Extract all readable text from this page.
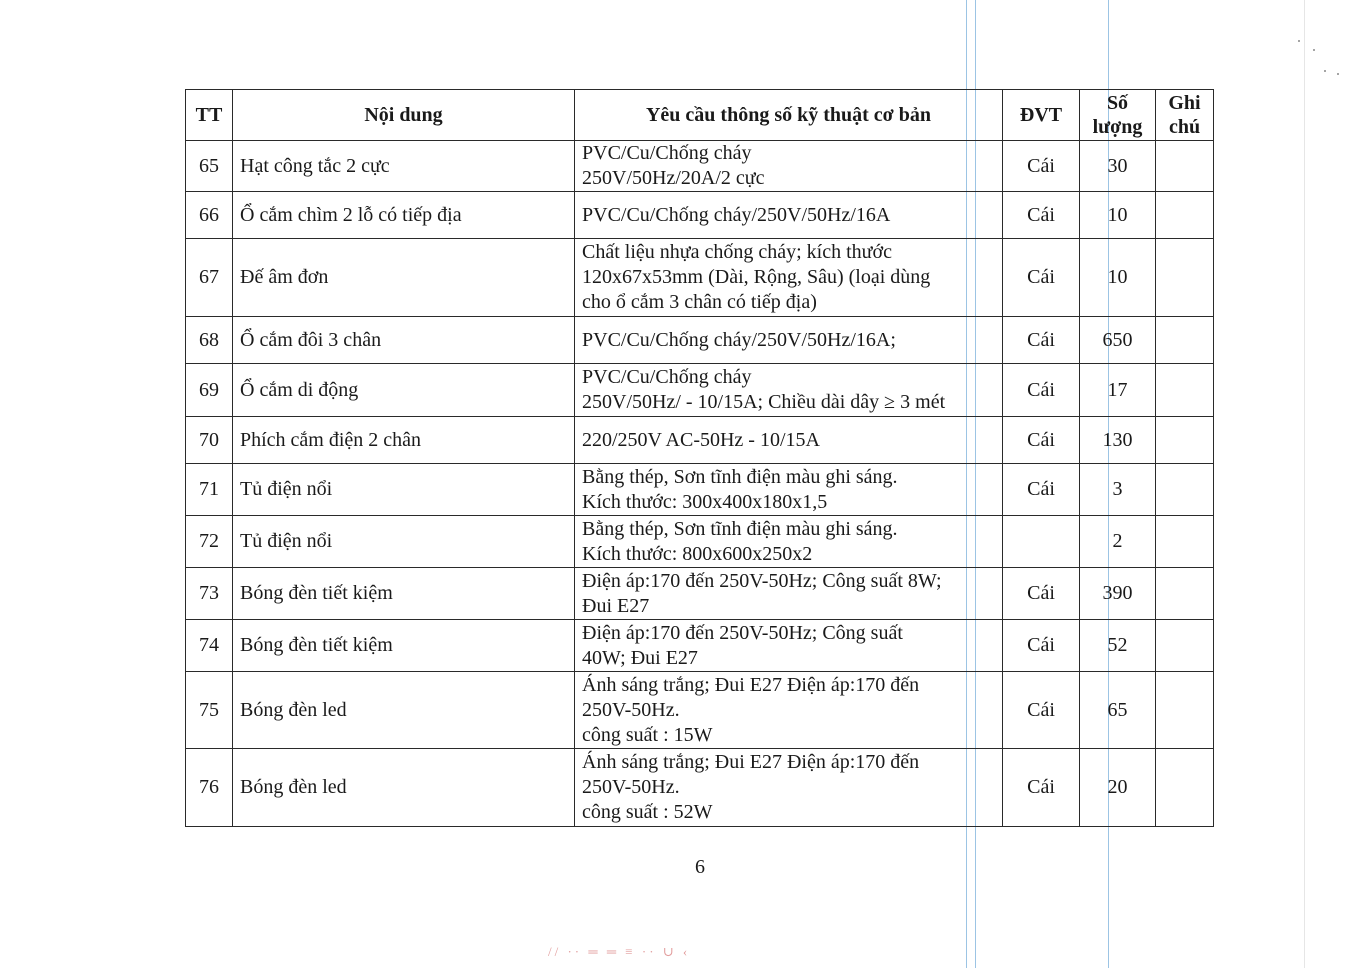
TT	Nội dung	Yêu cầu thông số kỹ thuật cơ bản	ĐVT	Số lượng	Ghi chú
65	Hạt công tắc 2 cực	PVC/Cu/Chống cháy
250V/50Hz/20A/2 cực	Cái	30	
66	Ổ cắm chìm 2 lỗ có tiếp địa	PVC/Cu/Chống cháy/250V/50Hz/16A	Cái	10	
67	Đế âm đơn	Chất liệu nhựa chống cháy; kích thước
120x67x53mm (Dài, Rộng, Sâu) (loại dùng
cho ổ cắm 3 chân có tiếp địa)	Cái	10	
68	Ổ cắm đôi 3 chân	PVC/Cu/Chống cháy/250V/50Hz/16A;	Cái	650	
69	Ổ cắm di động	PVC/Cu/Chống cháy
250V/50Hz/ - 10/15A; Chiều dài dây ≥ 3 mét	Cái	17	
70	Phích cắm điện 2 chân	220/250V AC-50Hz - 10/15A	Cái	130	
71	Tủ điện nổi	Bằng thép, Sơn tĩnh điện màu ghi sáng.
Kích thước: 300x400x180x1,5	Cái	3	
72	Tủ điện nổi	Bằng thép, Sơn tĩnh điện màu ghi sáng.
Kích thước: 800x600x250x2		2	
73	Bóng đèn tiết kiệm	Điện áp:170 đến 250V-50Hz; Công suất 8W;
Đui E27	Cái	390	
74	Bóng đèn tiết kiệm	Điện áp:170 đến 250V-50Hz; Công suất
40W; Đui E27	Cái	52	
75	Bóng đèn led	Ánh sáng trắng; Đui E27 Điện áp:170 đến
250V-50Hz.
công suất : 15W	Cái	65	
76	Bóng đèn led	Ánh sáng trắng; Đui E27 Điện áp:170 đến
250V-50Hz.
công suất : 52W	Cái	20	
6
// ·· ═ ═ ≡ ·· ∪ ‹
